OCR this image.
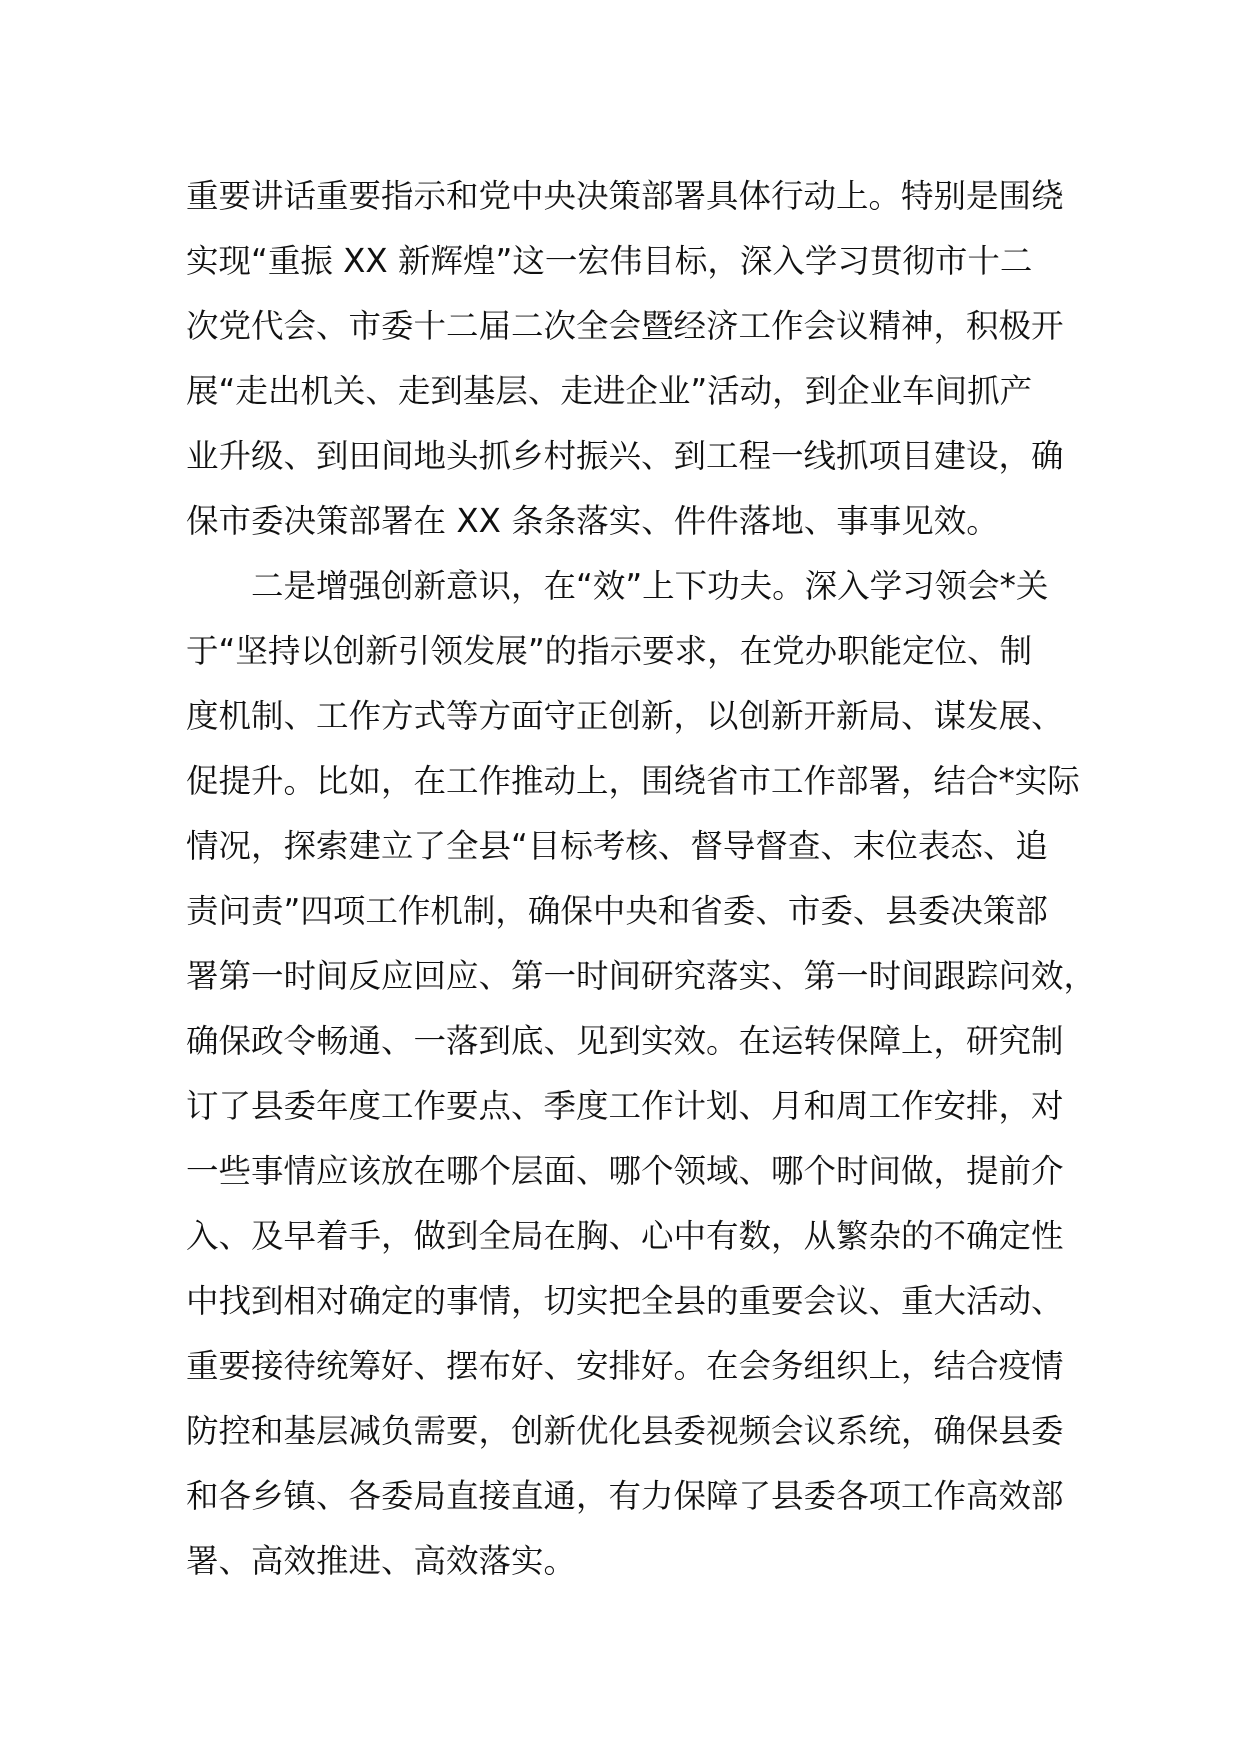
重要讲话重要指示和党中央决策部署具体行动上。特别是围绕
实现“重振 XX 新辉煌”这一宏伟目标，深入学习贯彻市十二
次党代会、市委十二届二次全会暨经济工作会议精神，积极开
展“走出机关、走到基层、走进企业”活动，到企业车间抓产
业升级、到田间地头抓乡村振兴、到工程一线抓项目建设，确
保市委决策部署在 XX 条条落实、件件落地、事事见效。
二是增强创新意识，在“效”上下功夫。深入学习领会*关
于“坚持以创新引领发展”的指示要求，在党办职能定位、制
度机制、工作方式等方面守正创新，以创新开新局、谋发展、
促提升。比如，在工作推动上，围绕省市工作部署，结合*实际
情况，探索建立了全县“目标考核、督导督查、末位表态、追
责问责”四项工作机制，确保中央和省委、市委、县委决策部
署第一时间反应回应、第一时间研究落实、第一时间跟踪问效，
确保政令畅通、一落到底、见到实效。在运转保障上，研究制
订了县委年度工作要点、季度工作计划、月和周工作安排，对
一些事情应该放在哪个层面、哪个领域、哪个时间做，提前介
入、及早着手，做到全局在胸、心中有数，从繁杂的不确定性
中找到相对确定的事情，切实把全县的重要会议、重大活动、
重要接待统筹好、摆布好、安排好。在会务组织上，结合疫情
防控和基层减负需要，创新优化县委视频会议系统，确保县委
和各乡镇、各委局直接直通，有力保障了县委各项工作高效部
署、高效推进、高效落实。
